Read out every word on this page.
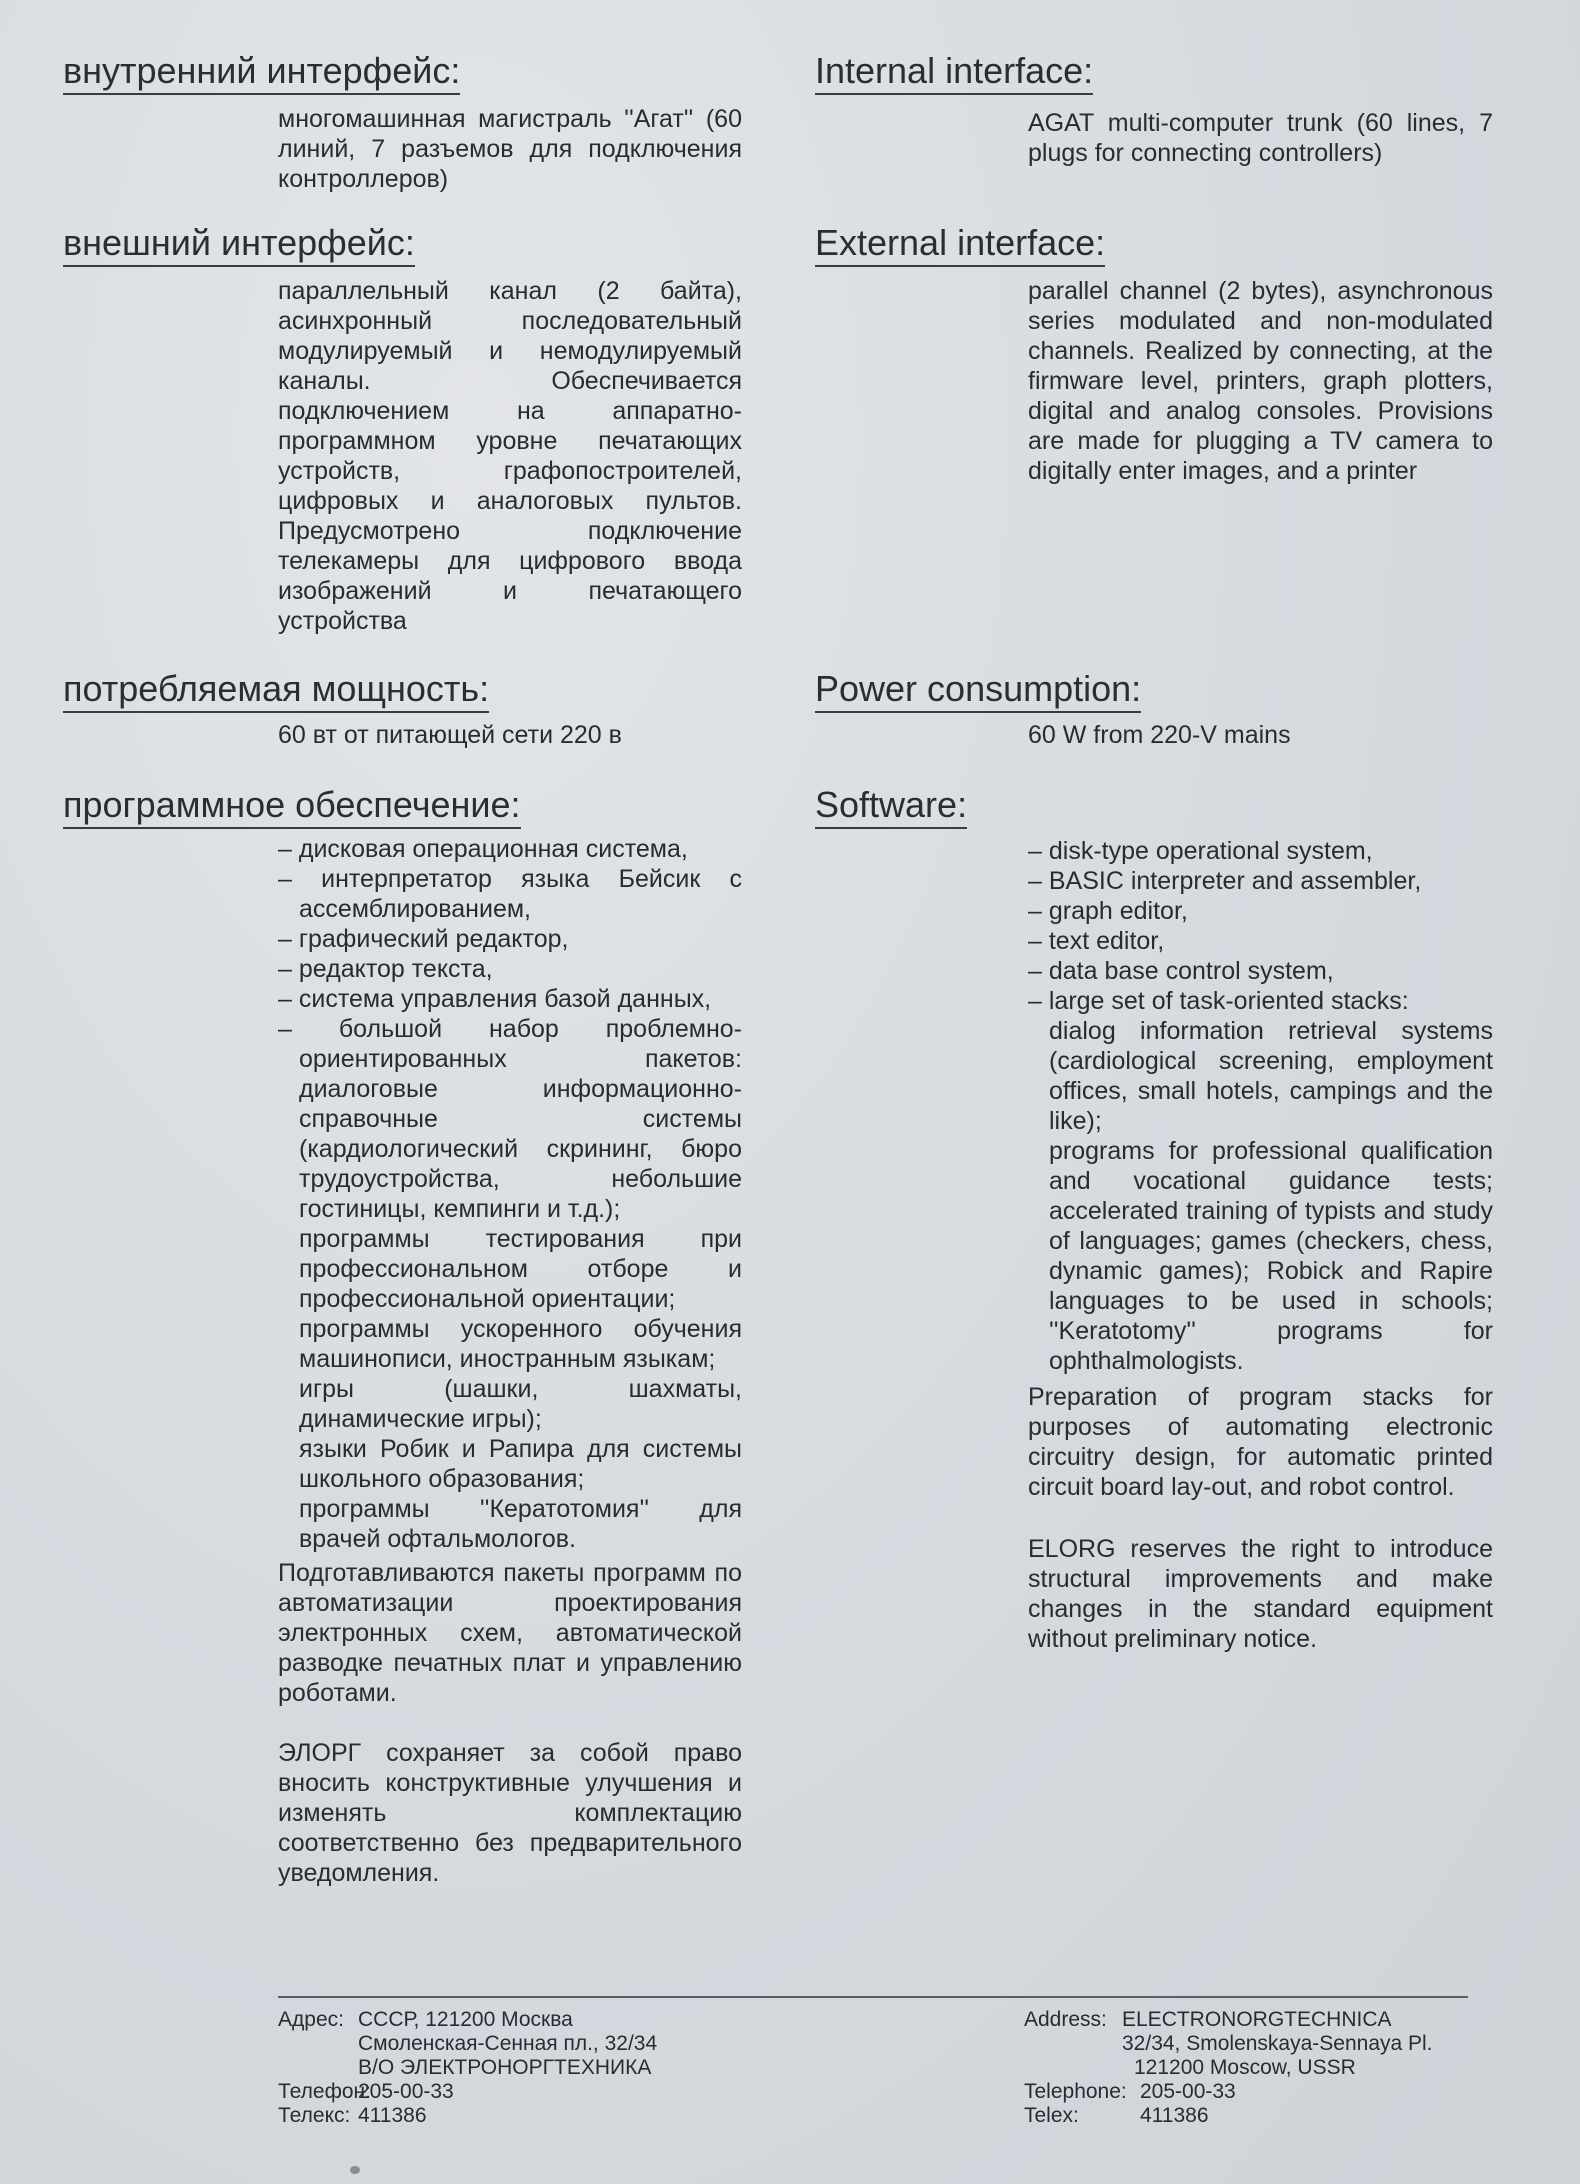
внутренний интерфейс:
многомашинная магистраль ''Агат'' (60 линий, 7 разъемов для подключения контроллеров)
внешний интерфейс:
параллельный канал (2 байта), асинхронный последовательный модулируемый и немодулируемый каналы. Обеспечивается подключением на аппаратно-программном уровне печатающих устройств, графопостроителей, цифровых и аналоговых пультов. Предусмотрено подключение телекамеры для цифрового ввода изображений и печатающего устройства
потребляемая мощность:
60 вт от питающей сети 220 в
программное обеспечение:
– дисковая операционная система,
– интерпретатор языка Бейсик с ассемблированием,
– графический редактор,
– редактор текста,
– система управления базой данных,
– большой набор проблемно-ориентированных пакетов: диалоговые информационно-справочные системы (кардиологический скрининг, бюро трудоустройства, небольшие гостиницы, кемпинги и т.д.);
программы тестирования при профессиональном отборе и профессиональной ориентации;
программы ускоренного обучения машинописи, иностранным языкам;
игры (шашки, шахматы, динамические игры);
языки Робик и Рапира для системы школьного образования;
программы ''Кератотомия'' для врачей офтальмологов.
Подготавливаются пакеты программ по автоматизации проектирования электронных схем, автоматической разводке печатных плат и управлению роботами.
ЭЛОРГ сохраняет за собой право вносить конструктивные улучшения и изменять комплектацию соответственно без предварительного уведомления.
Адрес: СССР, 121200 Москва
Смоленская-Сенная пл., 32/34
В/О ЭЛЕКТРОНОРГТЕХНИКА
Телефон:
205-00-33
Телекс: 411386
Internal interface:
AGAT multi-computer trunk (60 lines, 7 plugs for connecting controllers)
External interface:
parallel channel (2 bytes), asynchronous series modulated and non-modulated channels. Realized by connecting, at the firmware level, printers, graph plotters, digital and analog consoles. Provisions are made for plugging a TV camera to digitally enter images, and a printer
Power consumption:
60 W from 220-V mains
Software:
– disk-type operational system,
– BASIC interpreter and assembler,
– graph editor,
– text editor,
– data base control system,
– large set of task-oriented stacks:
dialog information retrieval systems (cardiological screening, employment offices, small hotels, campings and the like);
programs for professional qualification and vocational guidance tests; accelerated training of typists and study of languages; games (checkers, chess, dynamic games); Robick and Rapire languages to be used in schools; ''Keratotomy'' programs for ophthalmologists.
Preparation of program stacks for purposes of automating electronic circuitry design, for automatic printed circuit board lay-out, and robot control.
ELORG reserves the right to introduce structural improvements and make changes in the standard equipment without preliminary notice.
Address: ELECTRONORGTECHNICA
32/34, Smolenskaya-Sennaya Pl.
121200 Moscow, USSR
Telephone: 205-00-33
Telex:	411386
